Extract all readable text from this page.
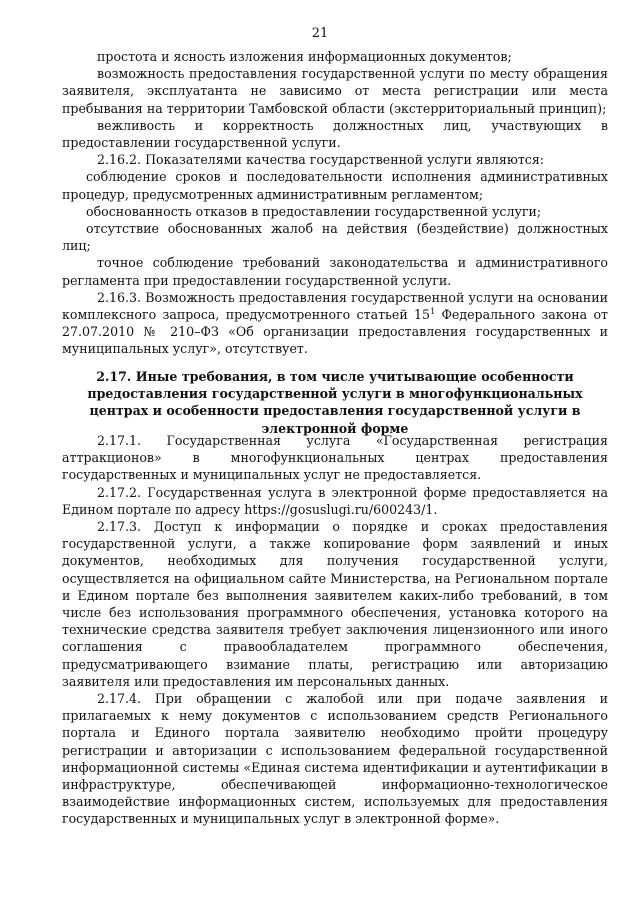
21

простота и ясность изложения информационных документов;

возможность предоставления государственной услуги по месту обращения заявителя, эксплуатанта не зависимо от места регистрации или места пребывания на территории Тамбовской области (экстерриториальный принцип);

вежливость и корректность должностных лиц, участвующих в предоставлении государственной услуги.

2.16.2. Показателями качества государственной услуги являются:

соблюдение сроков и последовательности исполнения административных процедур, предусмотренных административным регламентом;

обоснованность отказов в предоставлении государственной услуги;

отсутствие обоснованных жалоб на действия (бездействие) должностных лиц;

точное соблюдение требований законодательства и административного регламента при предоставлении государственной услуги.

2.16.3. Возможность предоставления государственной услуги на основании комплексного запроса, предусмотренного статьей $15^1$ Федерального закона от 27.07.2010 № 210–ФЗ «Об организации предоставления государственных и муниципальных услуг», отсутствует.

2.17. Иные требования, в том числе учитывающие особенности предоставления государственной услуги в многофункциональных центрах и особенности предоставления государственной услуги в электронной форме

2.17.1. Государственная услуга «Государственная регистрация аттракционов» в многофункциональных центрах предоставления государственных и муниципальных услуг не предоставляется.

2.17.2. Государственная услуга в электронной форме предоставляется на Едином портале по адресу https://gosuslugi.ru/600243/1.

2.17.3. Доступ к информации о порядке и сроках предоставления государственной услуги, а также копирование форм заявлений и иных документов, необходимых для получения государственной услуги, осуществляется на официальном сайте Министерства, на Региональном портале и Едином портале без выполнения заявителем каких-либо требований, в том числе без использования программного обеспечения, установка которого на технические средства заявителя требует заключения лицензионного или иного соглашения с правообладателем программного обеспечения, предусматривающего взимание платы, регистрацию или авторизацию заявителя или предоставления им персональных данных.

2.17.4. При обращении с жалобой или при подаче заявления и прилагаемых к нему документов с использованием средств Регионального портала и Единого портала заявителю необходимо пройти процедуру регистрации и авторизации с использованием федеральной государственной информационной системы «Единая система идентификации и аутентификации в инфраструктуре, обеспечивающей информационно-технологическое взаимодействие информационных систем, используемых для предоставления государственных и муниципальных услуг в электронной форме».
